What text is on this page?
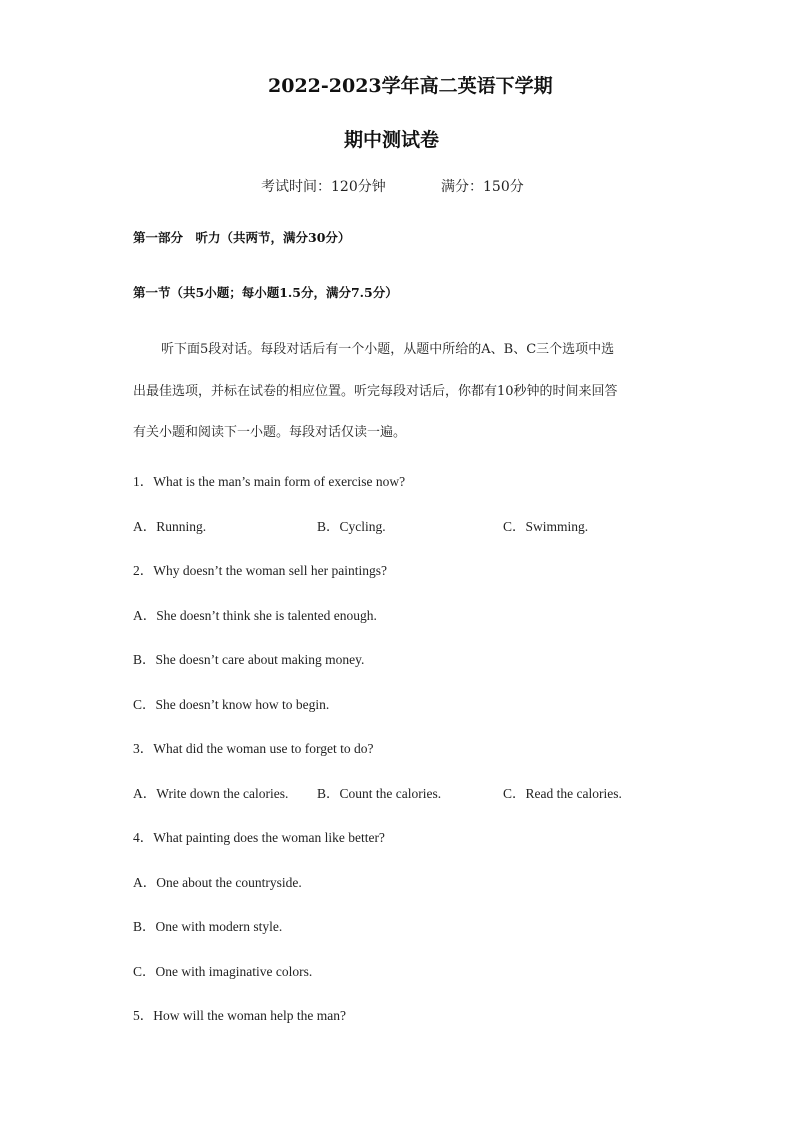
2022-2023学年高二英语下学期
期中测试卷
考试时间：120分钟	满分：150分
第一部分　听力（共两节，满分30分）
第一节（共5小题；每小题1.5分，满分7.5分）
听下面5段对话。每段对话后有一个小题，从题中所给的A、B、C三个选项中选
出最佳选项，并标在试卷的相应位置。听完每段对话后，你都有10秒钟的时间来回答
有关小题和阅读下一小题。每段对话仅读一遍。
1．What is the man’s main form of exercise now?
A．Running.	B．Cycling.	C．Swimming.
2．Why doesn’t the woman sell her paintings?
A．She doesn’t think she is talented enough.
B．She doesn’t care about making money.
C．She doesn’t know how to begin.
3．What did the woman use to forget to do?
A．Write down the calories. B．Count the calories.	C．Read the calories.
4．What painting does the woman like better?
A．One about the countryside.
B．One with modern style.
C．One with imaginative colors.
5．How will the woman help the man?
